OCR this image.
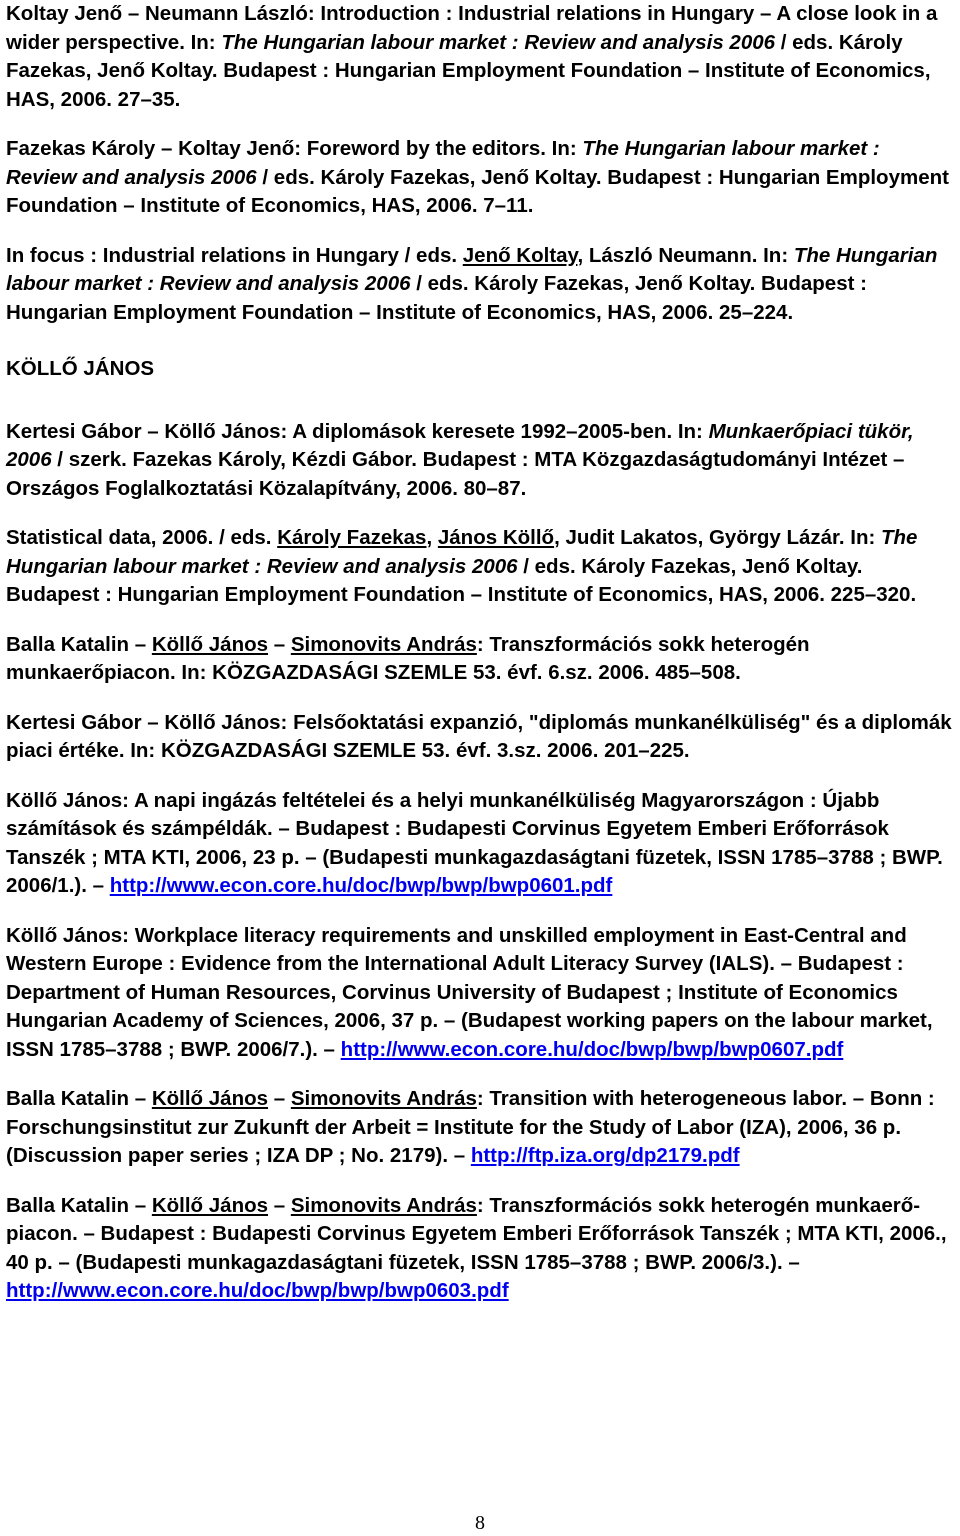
Koltay Jenő – Neumann László: Introduction : Industrial relations in Hungary – A close look in a wider perspective. In: The Hungarian labour market : Review and analysis 2006 / eds. Károly Fazekas, Jenő Koltay. Budapest : Hungarian Employment Foundation – Institute of Economics, HAS, 2006. 27–35.

Fazekas Károly – Koltay Jenő: Foreword by the editors. In: The Hungarian labour market : Review and analysis 2006 / eds. Károly Fazekas, Jenő Koltay. Budapest : Hungarian Employment Foundation – Institute of Economics, HAS, 2006. 7–11.

In focus : Industrial relations in Hungary / eds. Jenő Koltay, László Neumann. In: The Hungarian labour market : Review and analysis 2006 / eds. Károly Fazekas, Jenő Koltay. Budapest : Hungarian Employment Foundation – Institute of Economics, HAS, 2006. 25–224.

KÖLLŐ JÁNOS

Kertesi Gábor – Köllő János: A diplomások keresete 1992–2005-ben. In: Munkaerőpiaci tükör, 2006 / szerk. Fazekas Károly, Kézdi Gábor. Budapest : MTA Közgazdaságtudományi Intézet – Országos Foglalkoztatási Közalapítvány, 2006. 80–87.

Statistical data, 2006. / eds. Károly Fazekas, János Köllő, Judit Lakatos, György Lázár. In: The Hungarian labour market : Review and analysis 2006 / eds. Károly Fazekas, Jenő Koltay. Budapest : Hungarian Employment Foundation – Institute of Economics, HAS, 2006. 225–320.

Balla Katalin – Köllő János – Simonovits András: Transzformációs sokk heterogén munkaerőpiacon. In: KÖZGAZDASÁGI SZEMLE 53. évf. 6.sz. 2006. 485–508.

Kertesi Gábor – Köllő János: Felsőoktatási expanzió, "diplomás munkanélküliség" és a diplomák piaci értéke. In: KÖZGAZDASÁGI SZEMLE 53. évf. 3.sz. 2006. 201–225.

Köllő János: A napi ingázás feltételei és a helyi munkanélküliség Magyarországon : Újabb számítások és számpéldák. – Budapest : Budapesti Corvinus Egyetem Emberi Erőforrások Tanszék ; MTA KTI, 2006, 23 p. – (Budapesti munkagazdaságtani füzetek, ISSN 1785–3788 ; BWP. 2006/1.). – http://www.econ.core.hu/doc/bwp/bwp/bwp0601.pdf

Köllő János: Workplace literacy requirements and unskilled employment in East-Central and Western Europe : Evidence from the International Adult Literacy Survey (IALS). – Budapest : Department of Human Resources, Corvinus University of Budapest ; Institute of Economics Hungarian Academy of Sciences, 2006, 37 p. – (Budapest working papers on the labour market, ISSN 1785–3788 ; BWP. 2006/7.). – http://www.econ.core.hu/doc/bwp/bwp/bwp0607.pdf

Balla Katalin – Köllő János – Simonovits András: Transition with heterogeneous labor. – Bonn : Forschungsinstitut zur Zukunft der Arbeit = Institute for the Study of Labor (IZA), 2006, 36 p. (Discussion paper series ; IZA DP ; No. 2179). – http://ftp.iza.org/dp2179.pdf

Balla Katalin – Köllő János – Simonovits András: Transzformációs sokk heterogén munkaerő-piacon. – Budapest : Budapesti Corvinus Egyetem Emberi Erőforrások Tanszék ; MTA KTI, 2006., 40 p. – (Budapesti munkagazdaságtani füzetek, ISSN 1785–3788 ; BWP. 2006/3.). – http://www.econ.core.hu/doc/bwp/bwp/bwp0603.pdf

8
